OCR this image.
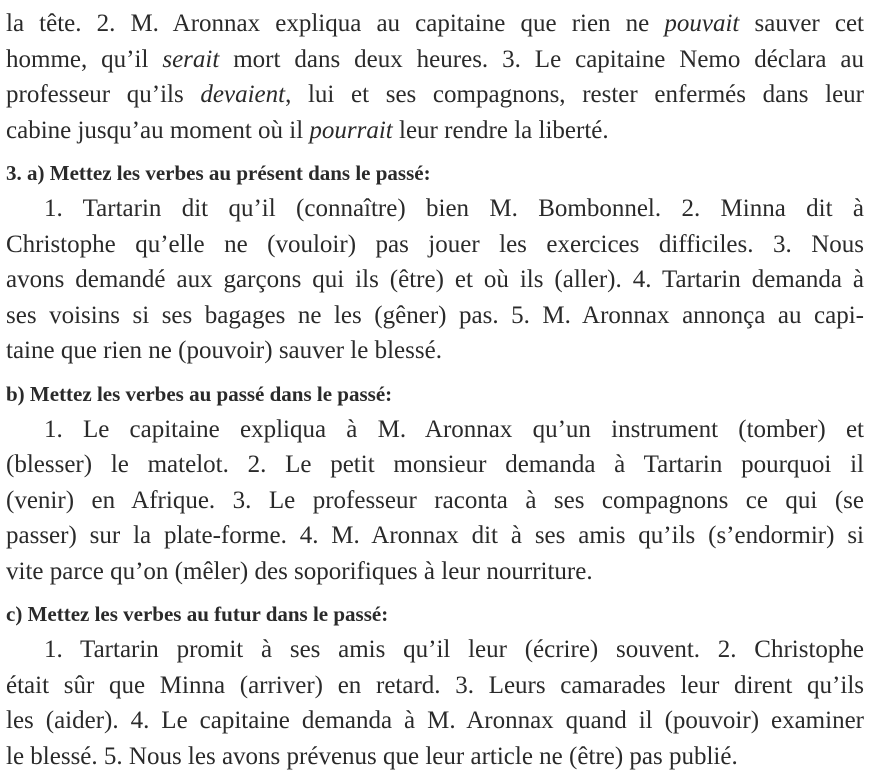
la tête. 2. M. Aronnax expliqua au capitaine que rien ne pouvait sauver cet
homme, qu’il serait mort dans deux heures. 3. Le capitaine Nemo déclara au
professeur qu’ils devaient, lui et ses compagnons, rester enfermés dans leur
cabine jusqu’au moment où il pourrait leur rendre la liberté.
3. a) Mettez les verbes au présent dans le passé:
1. Tartarin dit qu’il (connaître) bien M. Bombonnel. 2. Minna dit à
Christophe qu’elle ne (vouloir) pas jouer les exercices difficiles. 3. Nous
avons demandé aux garçons qui ils (être) et où ils (aller). 4. Tartarin demanda à
ses voisins si ses bagages ne les (gêner) pas. 5. M. Aronnax annonça au capi-
taine que rien ne (pouvoir) sauver le blessé.
b) Mettez les verbes au passé dans le passé:
1. Le capitaine expliqua à M. Aronnax qu’un instrument (tomber) et
(blesser) le matelot. 2. Le petit monsieur demanda à Tartarin pourquoi il
(venir) en Afrique. 3. Le professeur raconta à ses compagnons ce qui (se
passer) sur la plate-forme. 4. M. Aronnax dit à ses amis qu’ils (s’endormir) si
vite parce qu’on (mêler) des soporifiques à leur nourriture.
c) Mettez les verbes au futur dans le passé:
1. Tartarin promit à ses amis qu’il leur (écrire) souvent. 2. Christophe
était sûr que Minna (arriver) en retard. 3. Leurs camarades leur dirent qu’ils
les (aider). 4. Le capitaine demanda à M. Aronnax quand il (pouvoir) examiner
le blessé. 5. Nous les avons prévenus que leur article ne (être) pas publié.
